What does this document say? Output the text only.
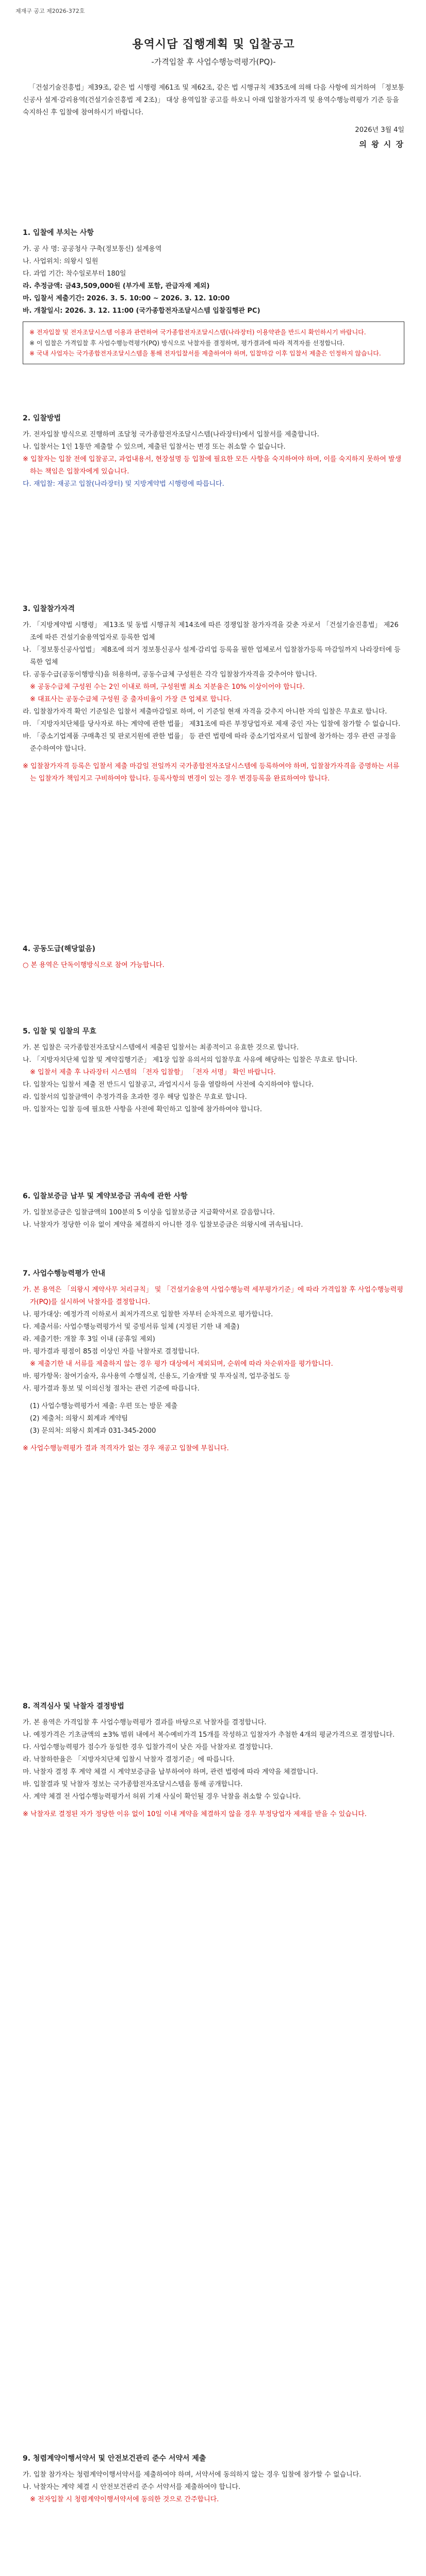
제재구 공고 제2026-372호
용역시담 집행계획 및 입찰공고
-가격입찰 후 사업수행능력평가(PQ)-

「건설기술진흥법」제39조, 같은 법 시행령 제61조 및 제62조, 같은 법 시행규칙 제35조에 의해 다음 사항에 의거하여 「정보통신공사 설계·감리용역(건설기술진흥법 제 2조)」 대상 용역입찰 공고를 하오니 아래 입찰참가자격 및 용역수행능력평가 기준 등을 숙지하신 후 입찰에 참여하시기 바랍니다.

2026년 3월 4일
의 왕 시 장
1. 입찰에 부치는 사항
가. 공 사 명: 공공청사 구축(정보통신) 설계용역
나. 사업위치: 의왕시 일원
다. 과업 기간: 착수일로부터 180일
라. 추정금액: 금43,509,000원 (부가세 포함, 관급자재 제외)
마. 입찰서 제출기간: 2026. 3. 5. 10:00 ~ 2026. 3. 12. 10:00
바. 개찰일시: 2026. 3. 12. 11:00 (국가종합전자조달시스템 입찰집행관 PC)
※ 전자입찰 및 전자조달시스템 이용과 관련하여 국가종합전자조달시스템(나라장터) 이용약관을 반드시 확인하시기 바랍니다.
※ 이 입찰은 가격입찰 후 사업수행능력평가(PQ) 방식으로 낙찰자를 결정하며, 평가결과에 따라 적격자를 선정합니다.
※ 국내 사업자는 국가종합전자조달시스템을 통해 전자입찰서를 제출하여야 하며, 입찰마감 이후 입찰서 제출은 인정하지 않습니다.
2. 입찰방법
가. 전자입찰 방식으로 진행하며 조달청 국가종합전자조달시스템(나라장터)에서 입찰서를 제출합니다.
나. 입찰서는 1인 1통만 제출할 수 있으며, 제출된 입찰서는 변경 또는 취소할 수 없습니다.
※ 입찰자는 입찰 전에 입찰공고, 과업내용서, 현장설명 등 입찰에 필요한 모든 사항을 숙지하여야 하며, 이를 숙지하지 못하여 발생하는 책임은 입찰자에게 있습니다.
다. 재입찰: 재공고 입찰(나라장터) 및 지방계약법 시행령에 따릅니다.
3. 입찰참가자격
가. 「지방계약법 시행령」 제13조 및 동법 시행규칙 제14조에 따른 경쟁입찰 참가자격을 갖춘 자로서 「건설기술진흥법」 제26조에 따른 건설기술용역업자로 등록한 업체
나. 「정보통신공사업법」 제8조에 의거 정보통신공사 설계·감리업 등록을 필한 업체로서 입찰참가등록 마감일까지 나라장터에 등록한 업체
다. 공동수급(공동이행방식)을 허용하며, 공동수급체 구성원은 각각 입찰참가자격을 갖추어야 합니다.
※ 공동수급체 구성원 수는 2인 이내로 하며, 구성원별 최소 지분율은 10% 이상이어야 합니다.
※ 대표사는 공동수급체 구성원 중 출자비율이 가장 큰 업체로 합니다.
라. 입찰참가자격 확인 기준일은 입찰서 제출마감일로 하며, 이 기준일 현재 자격을 갖추지 아니한 자의 입찰은 무효로 합니다.
마. 「지방자치단체를 당사자로 하는 계약에 관한 법률」 제31조에 따른 부정당업자로 제재 중인 자는 입찰에 참가할 수 없습니다.
바. 「중소기업제품 구매촉진 및 판로지원에 관한 법률」 등 관련 법령에 따라 중소기업자로서 입찰에 참가하는 경우 관련 규정을 준수하여야 합니다.
※ 입찰참가자격 등록은 입찰서 제출 마감일 전일까지 국가종합전자조달시스템에 등록하여야 하며, 입찰참가자격을 증명하는 서류는 입찰자가 책임지고 구비하여야 합니다. 등록사항의 변경이 있는 경우 변경등록을 완료하여야 합니다.
4. 공동도급(해당없음)
○ 본 용역은 단독이행방식으로 참여 가능합니다.
5. 입찰 및 입찰의 무효
가. 본 입찰은 국가종합전자조달시스템에서 제출된 입찰서는 최종적이고 유효한 것으로 합니다.
나. 「지방자치단체 입찰 및 계약집행기준」 제1장 입찰 유의서의 입찰무효 사유에 해당하는 입찰은 무효로 합니다.
※ 입찰서 제출 후 나라장터 시스템의 「전자 입찰함」 「전자 서명」 확인 바랍니다.
다. 입찰자는 입찰서 제출 전 반드시 입찰공고, 과업지시서 등을 열람하여 사전에 숙지하여야 합니다.
라. 입찰서의 입찰금액이 추정가격을 초과한 경우 해당 입찰은 무효로 합니다.
마. 입찰자는 입찰 등에 필요한 사항을 사전에 확인하고 입찰에 참가하여야 합니다.
6. 입찰보증금 납부 및 계약보증금 귀속에 관한 사항
가. 입찰보증금은 입찰금액의 100분의 5 이상을 입찰보증금 지급확약서로 갈음합니다.
나. 낙찰자가 정당한 이유 없이 계약을 체결하지 아니한 경우 입찰보증금은 의왕시에 귀속됩니다.
7. 사업수행능력평가 안내
가. 본 용역은 「의왕시 계약사무 처리규칙」 및 「건설기술용역 사업수행능력 세부평가기준」에 따라 가격입찰 후 사업수행능력평가(PQ)를 실시하여 낙찰자를 결정합니다.
나. 평가대상: 예정가격 이하로서 최저가격으로 입찰한 자부터 순차적으로 평가합니다.
다. 제출서류: 사업수행능력평가서 및 증빙서류 일체 (지정된 기한 내 제출)
라. 제출기한: 개찰 후 3일 이내 (공휴일 제외)
마. 평가결과 평점이 85점 이상인 자를 낙찰자로 결정합니다.
※ 제출기한 내 서류를 제출하지 않는 경우 평가 대상에서 제외되며, 순위에 따라 차순위자를 평가합니다.
바. 평가항목: 참여기술자, 유사용역 수행실적, 신용도, 기술개발 및 투자실적, 업무중첩도 등
사. 평가결과 통보 및 이의신청 절차는 관련 기준에 따릅니다.
(1) 사업수행능력평가서 제출: 우편 또는 방문 제출
(2) 제출처: 의왕시 회계과 계약팀
(3) 문의처: 의왕시 회계과 031-345-2000
※ 사업수행능력평가 결과 적격자가 없는 경우 재공고 입찰에 부칩니다.
8. 적격심사 및 낙찰자 결정방법
가. 본 용역은 가격입찰 후 사업수행능력평가 결과를 바탕으로 낙찰자를 결정합니다.
나. 예정가격은 기초금액의 ±3% 범위 내에서 복수예비가격 15개를 작성하고 입찰자가 추첨한 4개의 평균가격으로 결정합니다.
다. 사업수행능력평가 점수가 동일한 경우 입찰가격이 낮은 자를 낙찰자로 결정합니다.
라. 낙찰하한율은 「지방자치단체 입찰시 낙찰자 결정기준」에 따릅니다.
마. 낙찰자 결정 후 계약 체결 시 계약보증금을 납부하여야 하며, 관련 법령에 따라 계약을 체결합니다.
바. 입찰결과 및 낙찰자 정보는 국가종합전자조달시스템을 통해 공개합니다.
사. 계약 체결 전 사업수행능력평가서 허위 기재 사실이 확인될 경우 낙찰을 취소할 수 있습니다.
※ 낙찰자로 결정된 자가 정당한 이유 없이 10일 이내 계약을 체결하지 않을 경우 부정당업자 제재를 받을 수 있습니다.
9. 청렴계약이행서약서 및 안전보건관리 준수 서약서 제출
가. 입찰 참가자는 청렴계약이행서약서를 제출하여야 하며, 서약서에 동의하지 않는 경우 입찰에 참가할 수 없습니다.
나. 낙찰자는 계약 체결 시 안전보건관리 준수 서약서를 제출하여야 합니다.
※ 전자입찰 시 청렴계약이행서약서에 동의한 것으로 간주합니다.
